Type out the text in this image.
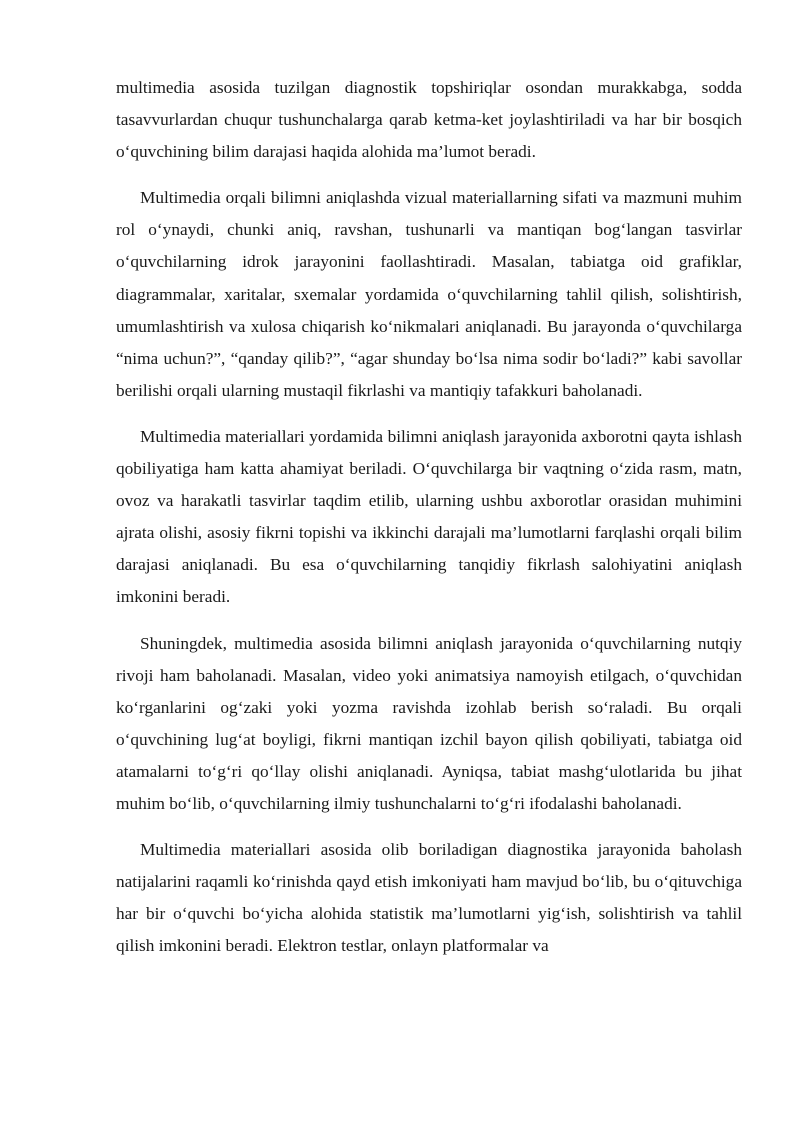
multimedia asosida tuzilgan diagnostik topshiriqlar osondan murakkabga, sodda tasavvurlardan chuqur tushunchalarga qarab ketma-ket joylashtiriladi va har bir bosqich o‘quvchining bilim darajasi haqida alohida ma’lumot beradi.

Multimedia orqali bilimni aniqlashda vizual materiallarning sifati va mazmuni muhim rol o‘ynaydi, chunki aniq, ravshan, tushunarli va mantiqan bog‘langan tasvirlar o‘quvchilarning idrok jarayonini faollashtiradi. Masalan, tabiatga oid grafiklar, diagrammalar, xaritalar, sxemalar yordamida o‘quvchilarning tahlil qilish, solishtirish, umumlashtirish va xulosa chiqarish ko‘nikmalari aniqlanadi. Bu jarayonda o‘quvchilarga “nima uchun?”, “qanday qilib?”, “agar shunday bo‘lsa nima sodir bo‘ladi?” kabi savollar berilishi orqali ularning mustaqil fikrlashi va mantiqiy tafakkuri baholanadi.

Multimedia materiallari yordamida bilimni aniqlash jarayonida axborotni qayta ishlash qobiliyatiga ham katta ahamiyat beriladi. O‘quvchilarga bir vaqtning o‘zida rasm, matn, ovoz va harakatli tasvirlar taqdim etilib, ularning ushbu axborotlar orasidan muhimini ajrata olishi, asosiy fikrni topishi va ikkinchi darajali ma’lumotlarni farqlashi orqali bilim darajasi aniqlanadi. Bu esa o‘quvchilarning tanqidiy fikrlash salohiyatini aniqlash imkonini beradi.

Shuningdek, multimedia asosida bilimni aniqlash jarayonida o‘quvchilarning nutqiy rivoji ham baholanadi. Masalan, video yoki animatsiya namoyish etilgach, o‘quvchidan ko‘rganlarini og‘zaki yoki yozma ravishda izohlab berish so‘raladi. Bu orqali o‘quvchining lug‘at boyligi, fikrni mantiqan izchil bayon qilish qobiliyati, tabiatga oid atamalarni to‘g‘ri qo‘llay olishi aniqlanadi. Ayniqsa, tabiat mashg‘ulotlarida bu jihat muhim bo‘lib, o‘quvchilarning ilmiy tushunchalarni to‘g‘ri ifodalashi baholanadi.

Multimedia materiallari asosida olib boriladigan diagnostika jarayonida baholash natijalarini raqamli ko‘rinishda qayd etish imkoniyati ham mavjud bo‘lib, bu o‘qituvchiga har bir o‘quvchi bo‘yicha alohida statistik ma’lumotlarni yig‘ish, solishtirish va tahlil qilish imkonini beradi. Elektron testlar, onlayn platformalar va
